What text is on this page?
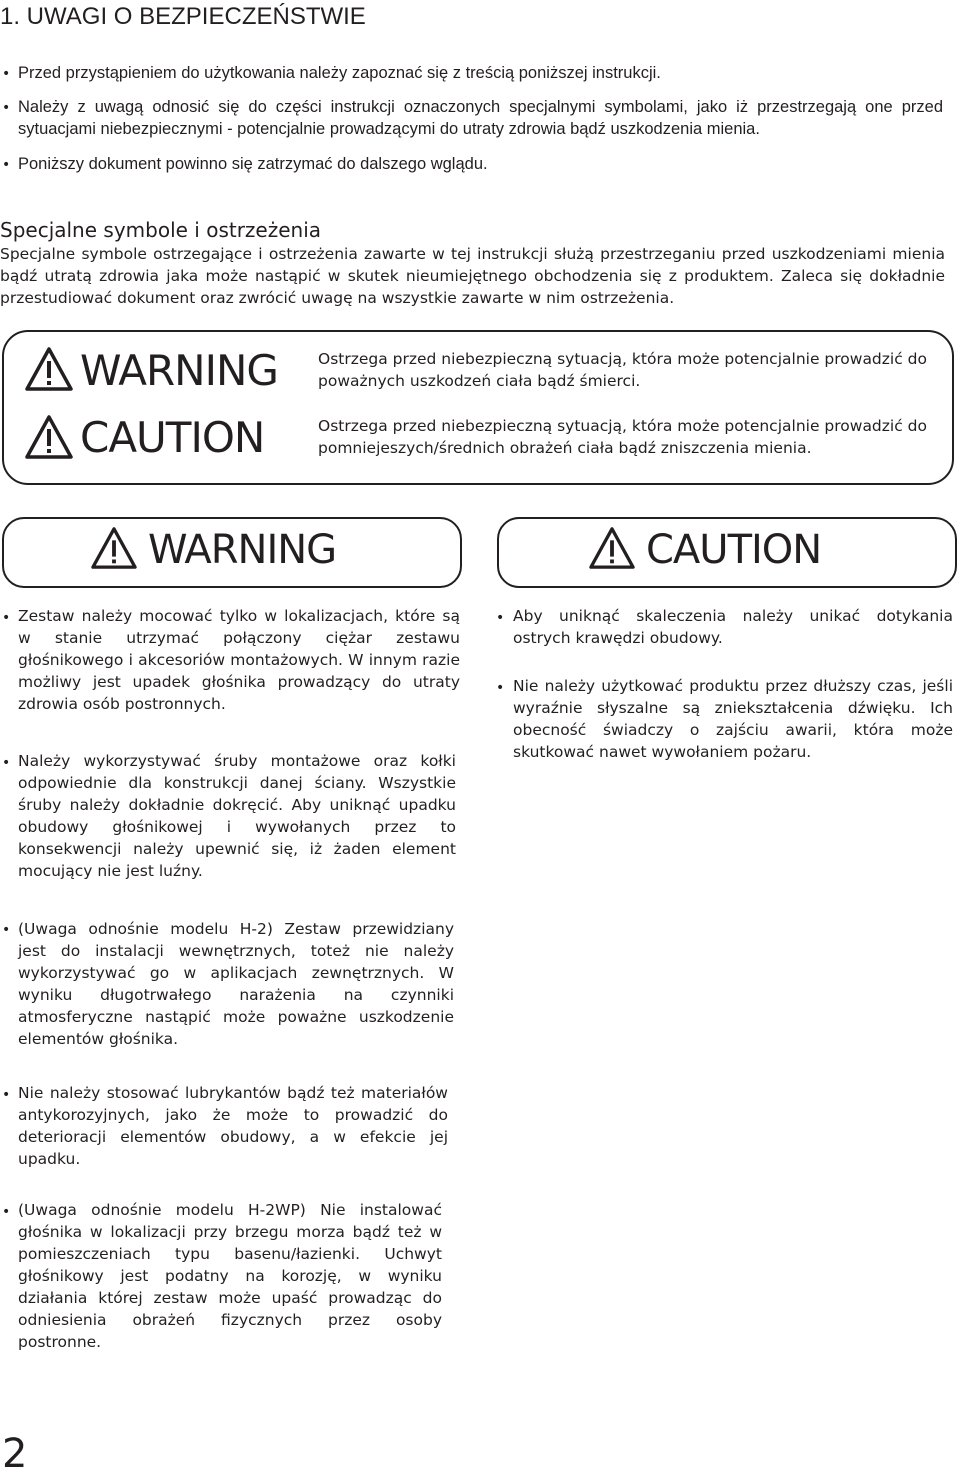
1. UWAGI O BEZPIECZEŃSTWIE
• Przed przystąpieniem do użytkowania należy zapoznać się z treścią poniższej instrukcji.
• Należy z uwagą odnosić się do części instrukcji oznaczonych specjalnymi symbolami, jako iż przestrzegają one przed sytuacjami niebezpiecznymi - potencjalnie prowadzącymi do utraty zdrowia bądź uszkodzenia mienia.
• Poniższy dokument powinno się zatrzymać do dalszego wglądu.
Specjalne symbole i ostrzeżenia
Specjalne symbole ostrzegające i ostrzeżenia zawarte w tej instrukcji służą przestrzeganiu przed uszkodzeniami mienia bądź utratą zdrowia jaka może nastąpić w skutek nieumiejętnego obchodzenia się z produktem. Zaleca się dokładnie przestudiować dokument oraz zwrócić uwagę na wszystkie zawarte w nim ostrzeżenia.
WARNING	Ostrzega przed niebezpieczną sytuacją, która może potencjalnie prowadzić do poważnych uszkodzeń ciała bądź śmierci.
CAUTION	Ostrzega przed niebezpieczną sytuacją, która może potencjalnie prowadzić do pomniejeszych/średnich obrażeń ciała bądź zniszczenia mienia.
WARNING	CAUTION
• Zestaw należy mocować tylko w lokalizacjach, które są w stanie utrzymać połączony ciężar zestawu głośnikowego i akcesoriów montażowych. W innym razie możliwy jest upadek głośnika prowadzący do utraty zdrowia osób postronnych.
• Należy wykorzystywać śruby montażowe oraz kołki odpowiednie dla konstrukcji danej ściany. Wszystkie śruby należy dokładnie dokręcić. Aby uniknąć upadku obudowy głośnikowej i wywołanych przez to konsekwencji należy upewnić się, iż żaden element mocujący nie jest luźny.
• (Uwaga odnośnie modelu H-2) Zestaw przewidziany jest do instalacji wewnętrznych, toteż nie należy wykorzystywać go w aplikacjach zewnętrznych. W wyniku długotrwałego narażenia na czynniki atmosferyczne nastąpić może poważne uszkodzenie elementów głośnika.
• Nie należy stosować lubrykantów bądź też materiałów antykorozyjnych, jako że może to prowadzić do deterioracji elementów obudowy, a w efekcie jej upadku.
• (Uwaga odnośnie modelu H-2WP) Nie instalować głośnika w lokalizacji przy brzegu morza bądź też w pomieszczeniach typu basenu/łazienki. Uchwyt głośnikowy jest podatny na korozję, w wyniku działania której zestaw może upaść prowadząc do odniesienia obrażeń fizycznych przez osoby postronne.
• Aby uniknąć skaleczenia należy unikać dotykania ostrych krawędzi obudowy.
• Nie należy użytkować produktu przez dłuższy czas, jeśli wyraźnie słyszalne są zniekształcenia dźwięku. Ich obecność świadczy o zajściu awarii, która może skutkować nawet wywołaniem pożaru.
2
